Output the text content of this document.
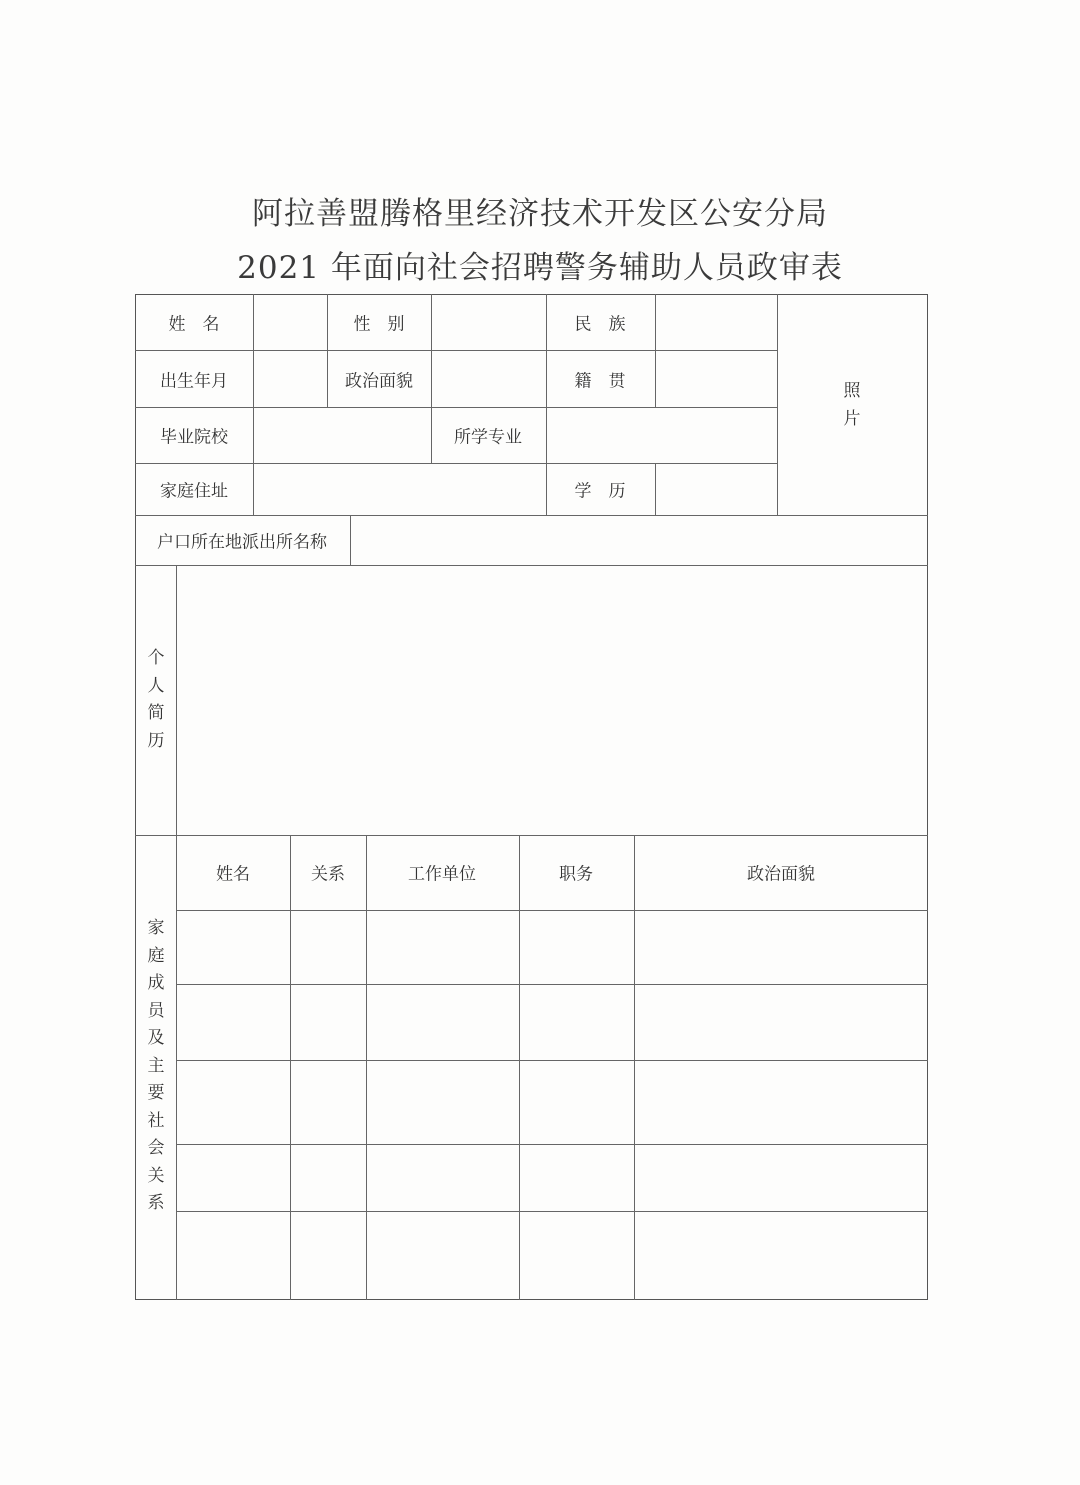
阿拉善盟腾格里经济技术开发区公安分局
2021 年面向社会招聘警务辅助人员政审表
姓　名	性　别	民　族
出生年月	政治面貌	籍　贯
毕业院校	所学专业
家庭住址	学　历
照片
户口所在地派出所名称
个人简历
家庭成员及主要社会关系
姓名	关系	工作单位	职务	政治面貌
